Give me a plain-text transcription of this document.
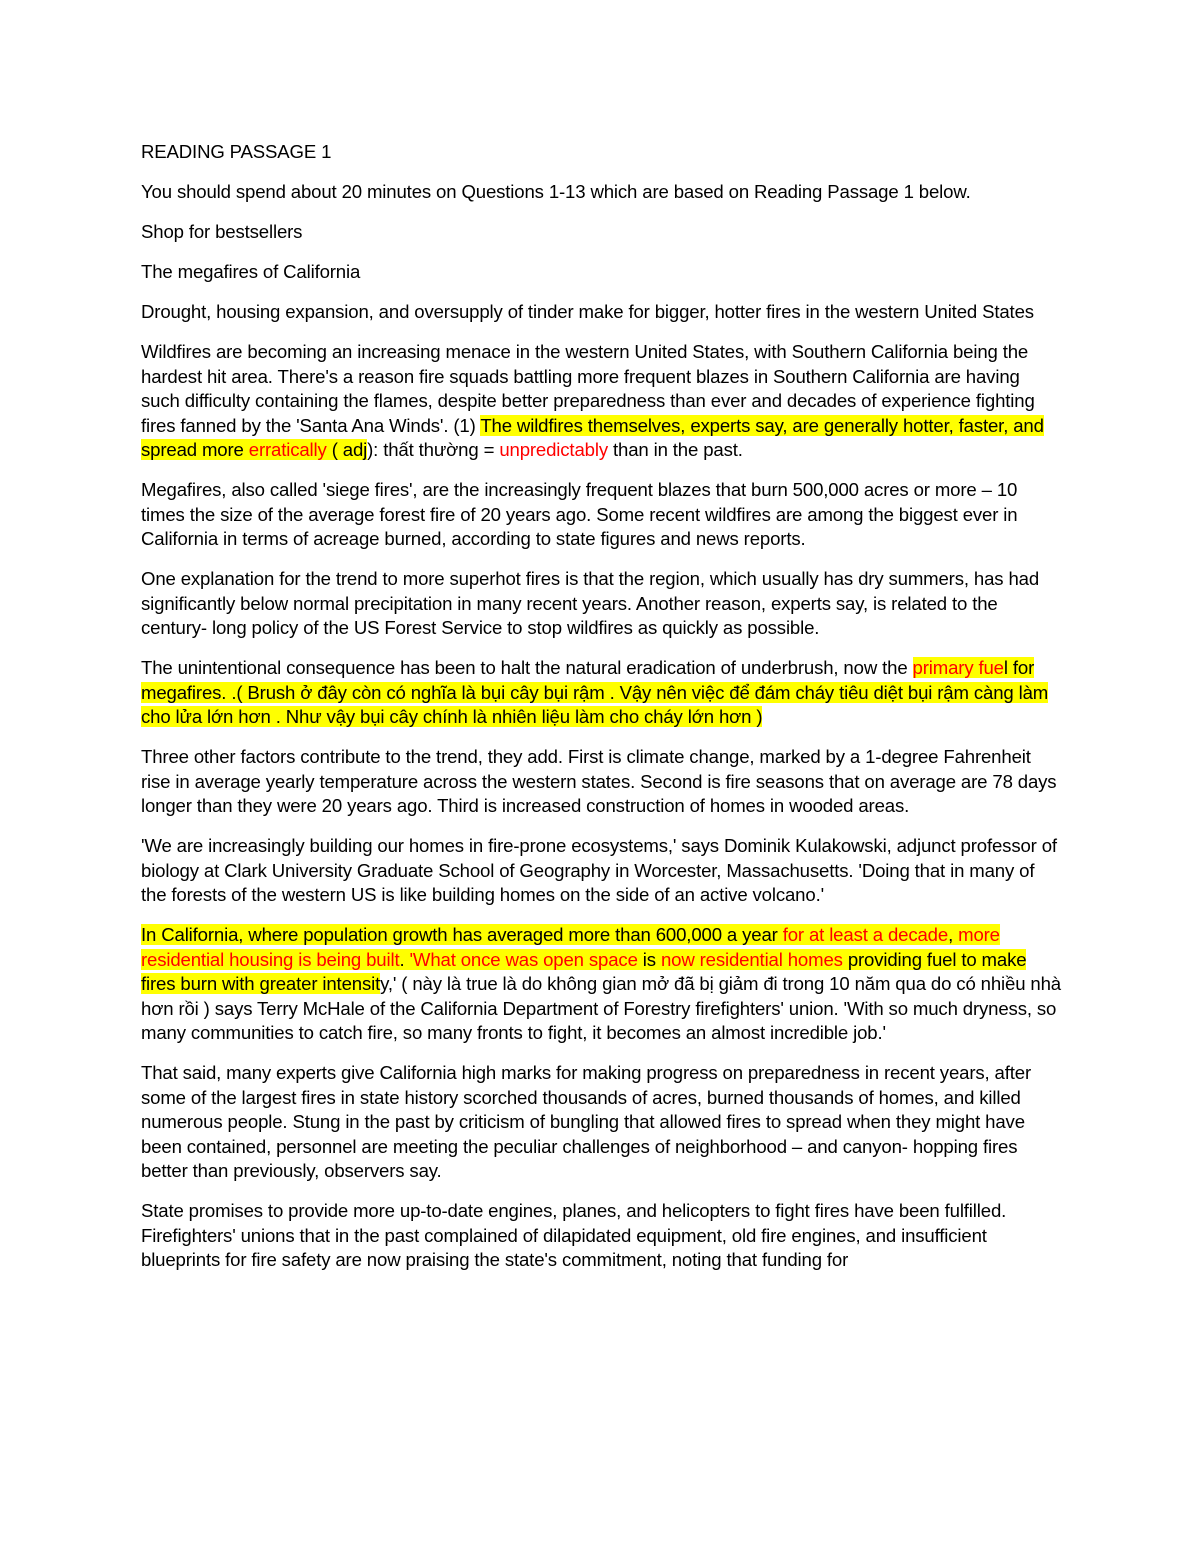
READING PASSAGE 1

You should spend about 20 minutes on Questions 1-13 which are based on Reading Passage 1 below.

Shop for bestsellers

The megafires of California

Drought, housing expansion, and oversupply of tinder make for bigger, hotter fires in the western United States

Wildfires are becoming an increasing menace in the western United States, with Southern California being the hardest hit area. There's a reason fire squads battling more frequent blazes in Southern California are having such difficulty containing the flames, despite better preparedness than ever and decades of experience fighting fires fanned by the 'Santa Ana Winds'. (1) The wildfires themselves, experts say, are generally hotter, faster, and spread more erratically ( adj): thất thường = unpredictably than in the past.

Megafires, also called 'siege fires', are the increasingly frequent blazes that burn 500,000 acres or more – 10 times the size of the average forest fire of 20 years ago. Some recent wildfires are among the biggest ever in California in terms of acreage burned, according to state figures and news reports.

One explanation for the trend to more superhot fires is that the region, which usually has dry summers, has had significantly below normal precipitation in many recent years. Another reason, experts say, is related to the century- long policy of the US Forest Service to stop wildfires as quickly as possible.

The unintentional consequence has been to halt the natural eradication of underbrush, now the primary fuel for megafires. .( Brush ở đây còn có nghĩa là bụi cây bụi rậm . Vậy nên việc để đám cháy tiêu diệt bụi rậm càng làm cho lửa lớn hơn . Như vậy bụi cây chính là nhiên liệu làm cho cháy lớn hơn )

Three other factors contribute to the trend, they add. First is climate change, marked by a 1-degree Fahrenheit rise in average yearly temperature across the western states. Second is fire seasons that on average are 78 days longer than they were 20 years ago. Third is increased construction of homes in wooded areas.

'We are increasingly building our homes in fire-prone ecosystems,' says Dominik Kulakowski, adjunct professor of biology at Clark University Graduate School of Geography in Worcester, Massachusetts. 'Doing that in many of the forests of the western US is like building homes on the side of an active volcano.'

In California, where population growth has averaged more than 600,000 a year for at least a decade, more residential housing is being built. 'What once was open space is now residential homes providing fuel to make fires burn with greater intensity,' ( này là true là do không gian mở đã bị giảm đi trong 10 năm qua do có nhiều nhà hơn rồi ) says Terry McHale of the California Department of Forestry firefighters' union. 'With so much dryness, so many communities to catch fire, so many fronts to fight, it becomes an almost incredible job.'

That said, many experts give California high marks for making progress on preparedness in recent years, after some of the largest fires in state history scorched thousands of acres, burned thousands of homes, and killed numerous people. Stung in the past by criticism of bungling that allowed fires to spread when they might have been contained, personnel are meeting the peculiar challenges of neighborhood – and canyon- hopping fires better than previously, observers say.

State promises to provide more up-to-date engines, planes, and helicopters to fight fires have been fulfilled. Firefighters' unions that in the past complained of dilapidated equipment, old fire engines, and insufficient blueprints for fire safety are now praising the state's commitment, noting that funding for
